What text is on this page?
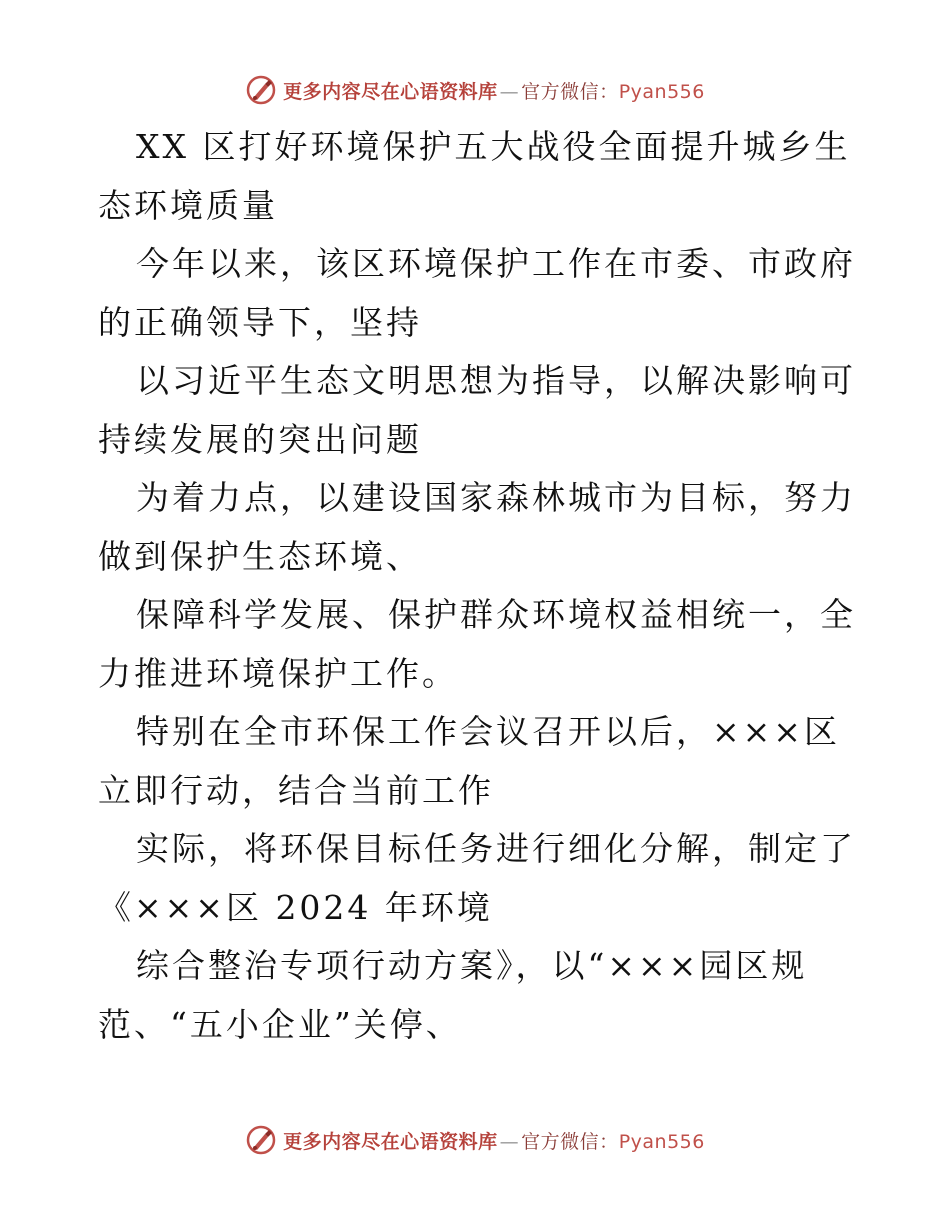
更多内容尽在心语资料库 — 官方微信：Pyan556

XX 区打好环境保护五大战役全面提升城乡生态环境质量

今年以来，该区环境保护工作在市委、市政府的正确领导下，坚持

以习近平生态文明思想为指导，以解决影响可持续发展的突出问题

为着力点，以建设国家森林城市为目标，努力做到保护生态环境、

保障科学发展、保护群众环境权益相统一，全力推进环境保护工作。

特别在全市环保工作会议召开以后，×××区立即行动，结合当前工作

实际，将环保目标任务进行细化分解，制定了《×××区 2024 年环境

综合整治专项行动方案》，以“×××园区规范、“五小企业”关停、

更多内容尽在心语资料库 — 官方微信：Pyan556
